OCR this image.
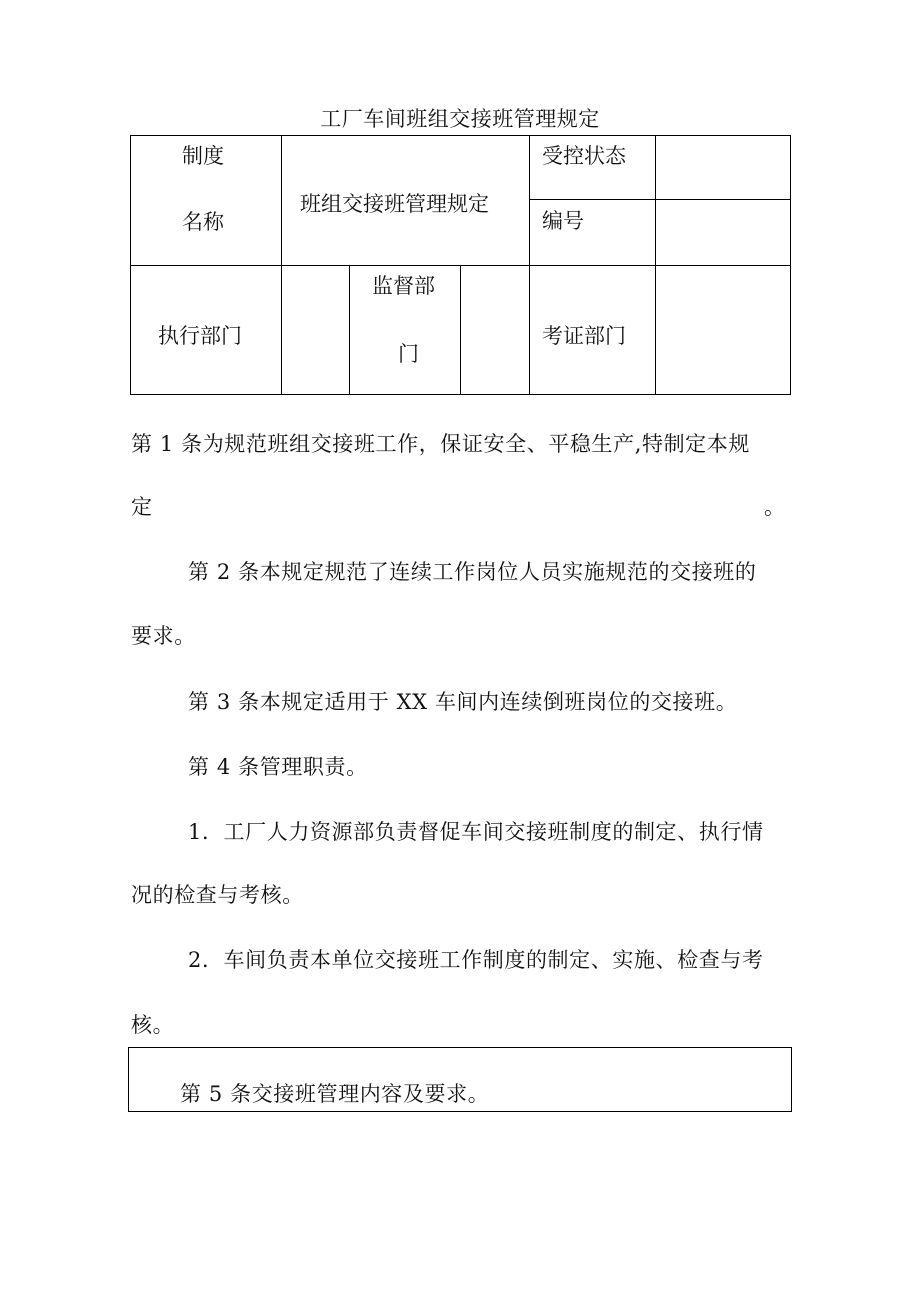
工厂车间班组交接班管理规定
制度
名称
班组交接班管理规定
受控状态
编号
执行部门
监督部
门
考证部门
第 1 条为规范班组交接班工作，保证安全、平稳生产,特制定本规
定	。
第 2 条本规定规范了连续工作岗位人员实施规范的交接班的
要求。
第 3 条本规定适用于 XX 车间内连续倒班岗位的交接班。
第 4 条管理职责。
1．工厂人力资源部负责督促车间交接班制度的制定、执行情
况的检查与考核。
2．车间负责本单位交接班工作制度的制定、实施、检查与考
核。
第 5 条交接班管理内容及要求。
